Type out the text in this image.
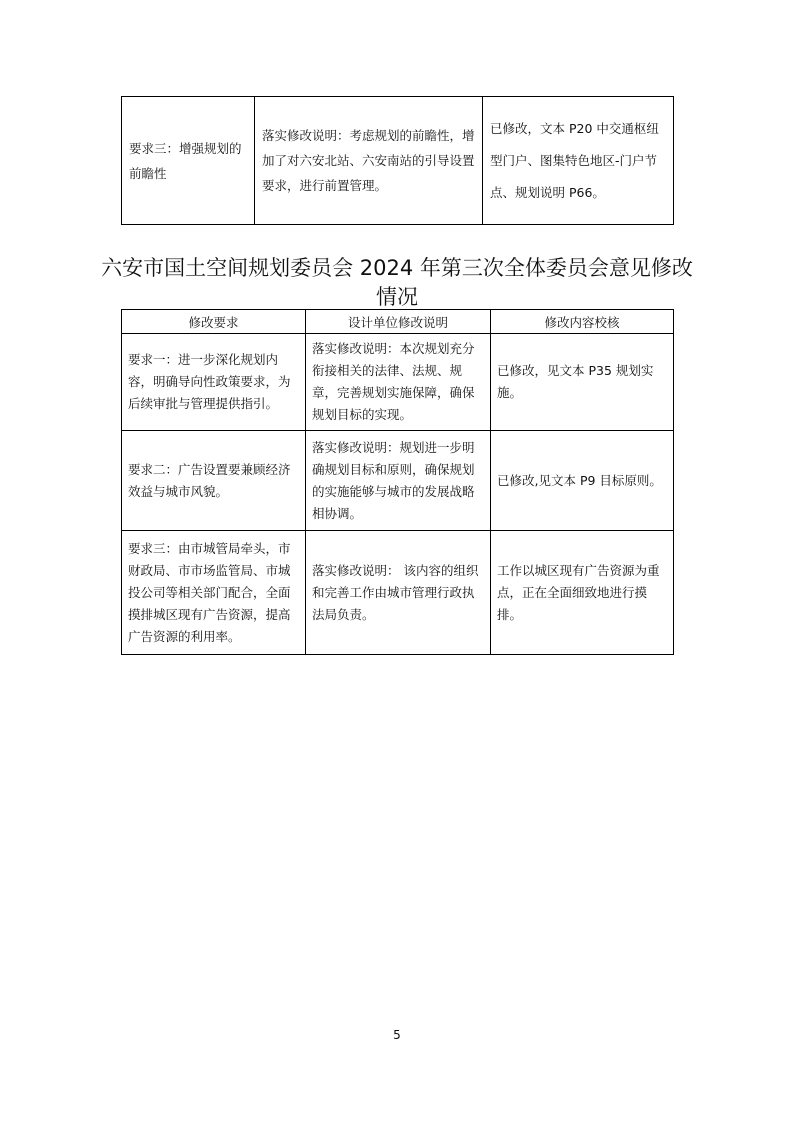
要求三：增强规划的前瞻性	落实修改说明：考虑规划的前瞻性，增加了对六安北站、六安南站的引导设置要求，进行前置管理。	已修改，文本 P20 中交通枢纽型门户、图集特色地区-门户节点、规划说明 P66。
六安市国土空间规划委员会 2024 年第三次全体委员会意见修改情况
修改要求	设计单位修改说明	修改内容校核
要求一：进一步深化规划内容，明确导向性政策要求，为后续审批与管理提供指引。	落实修改说明：本次规划充分衔接相关的法律、法规、规章，完善规划实施保障，确保规划目标的实现。	已修改，见文本 P35 规划实施。
要求二：广告设置要兼顾经济效益与城市风貌。	落实修改说明：规划进一步明确规划目标和原则，确保规划的实施能够与城市的发展战略相协调。	已修改,见文本 P9 目标原则。
要求三：由市城管局牵头，市财政局、市市场监管局、市城投公司等相关部门配合，全面摸排城区现有广告资源，提高广告资源的利用率。	落实修改说明： 该内容的组织和完善工作由城市管理行政执法局负责。	工作以城区现有广告资源为重点，正在全面细致地进行摸排。
5
